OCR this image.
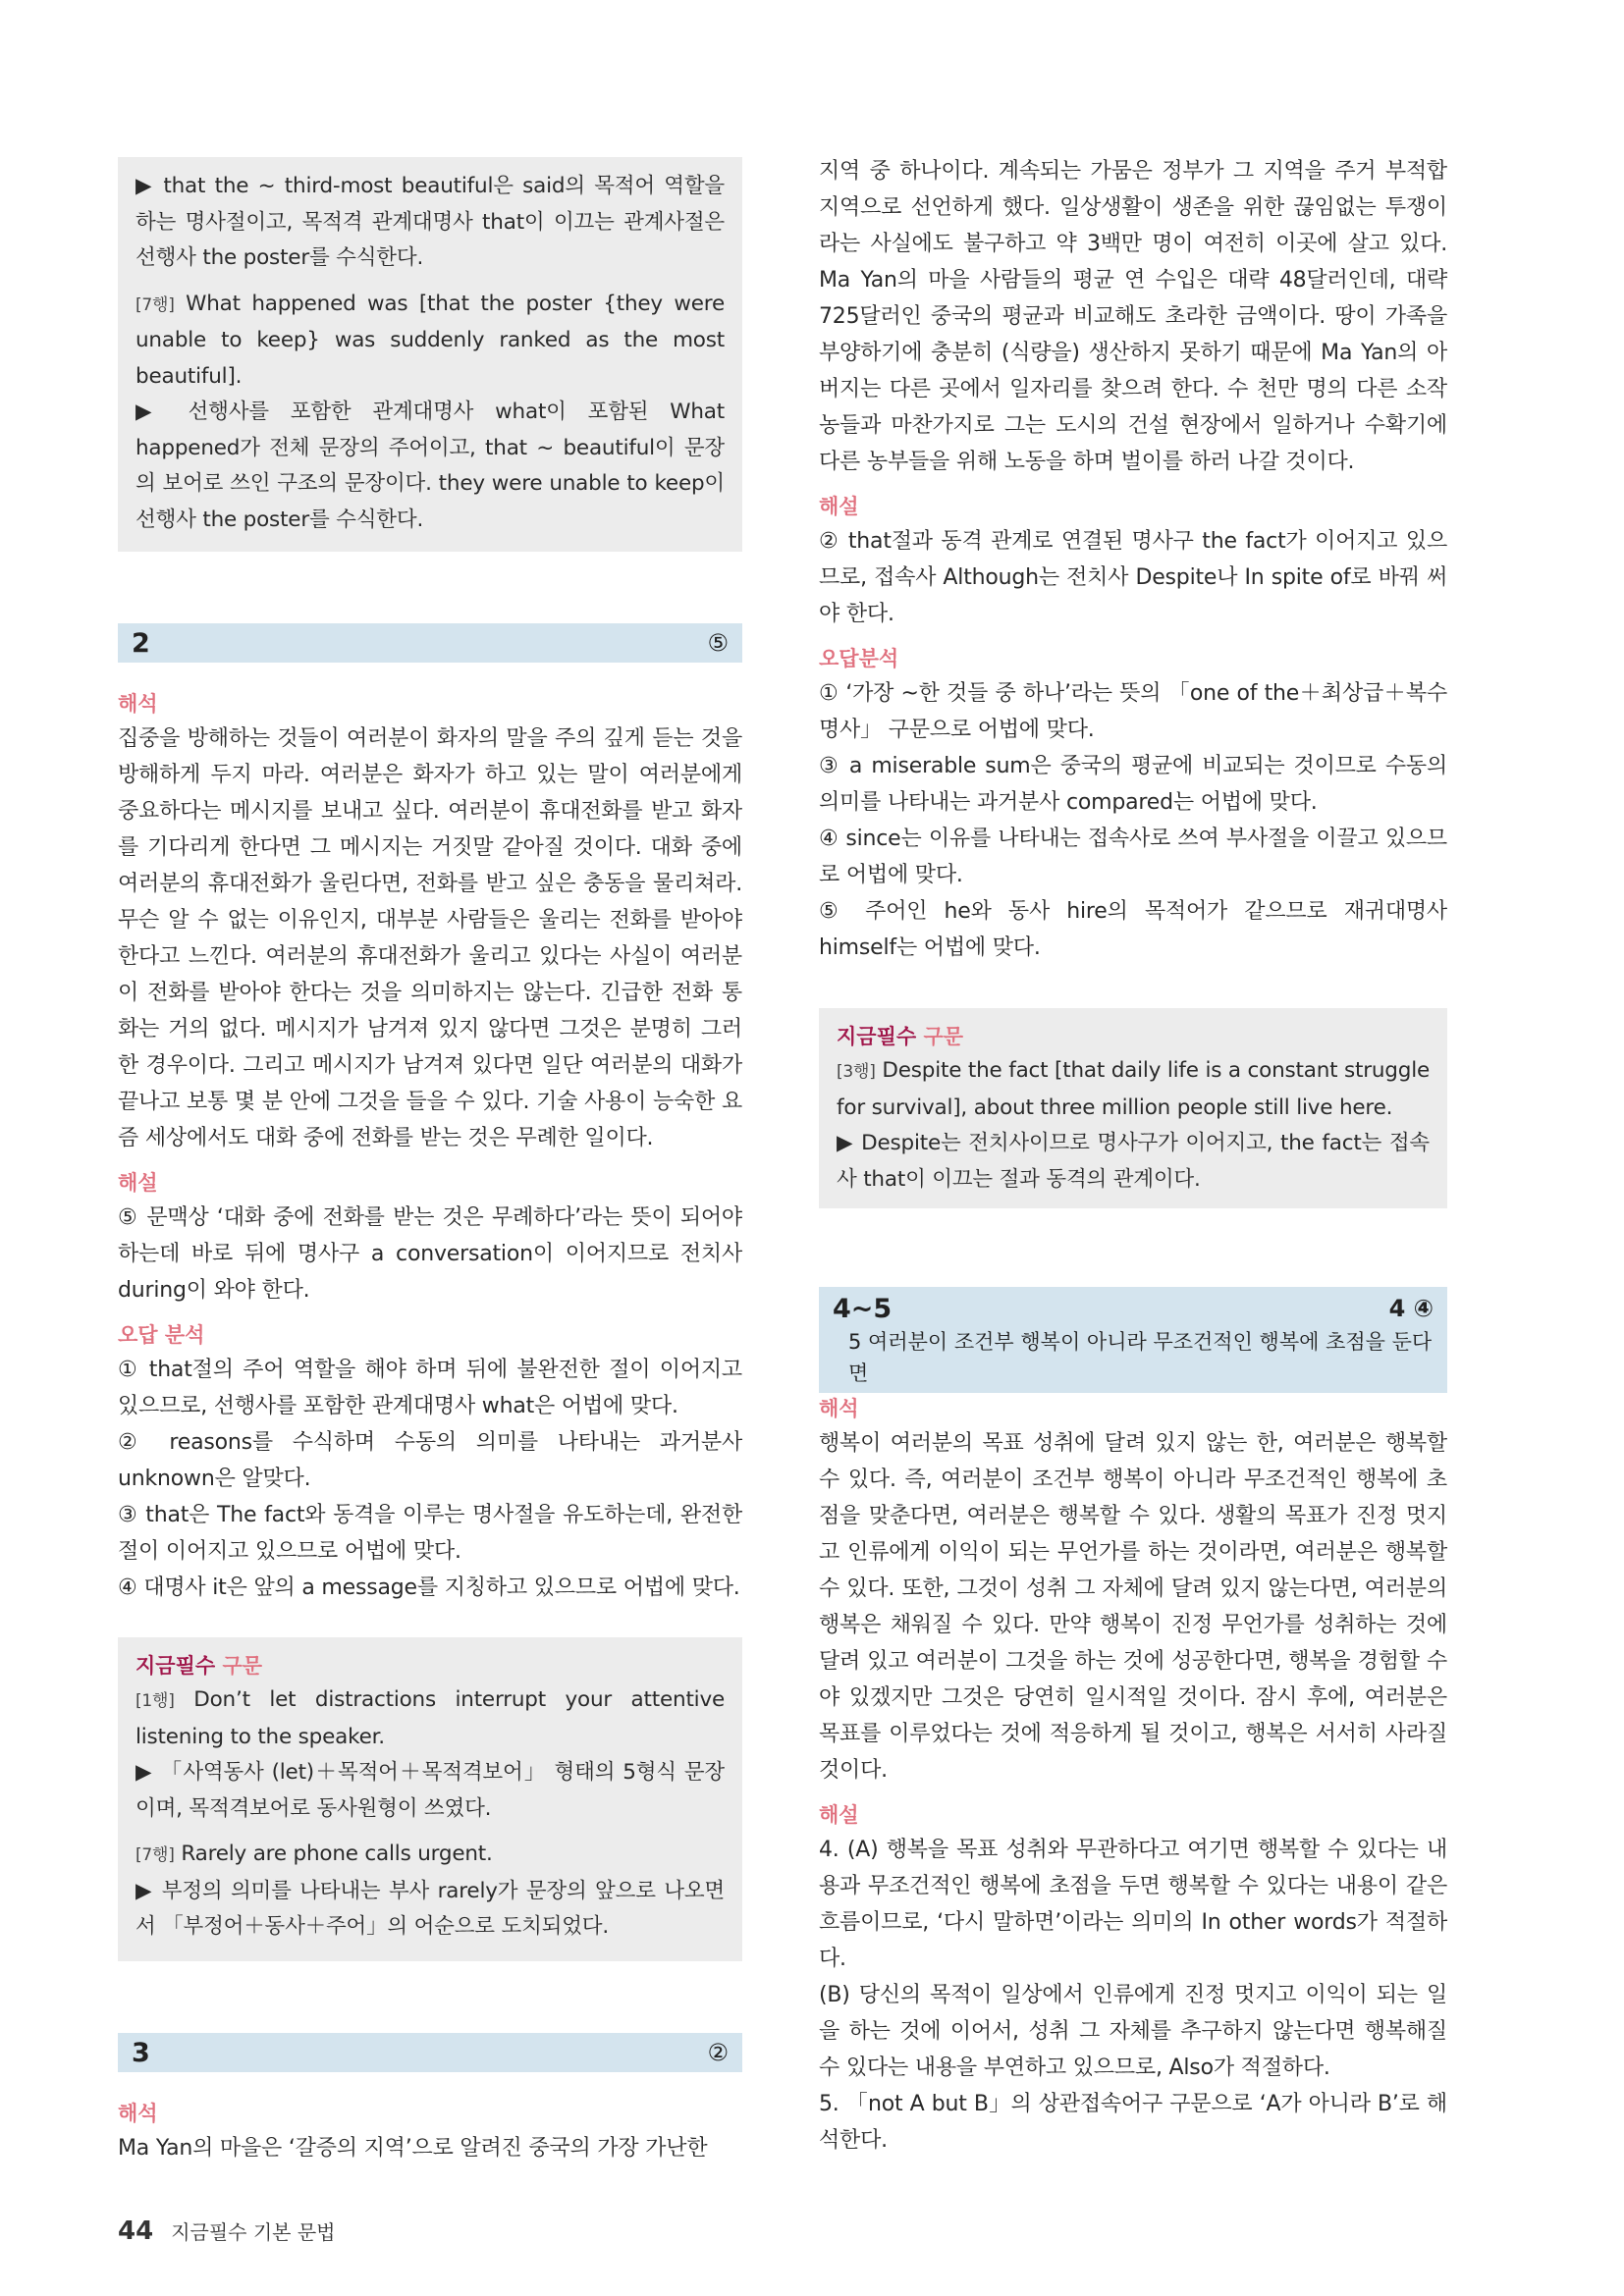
▶ that the ~ third-most beautiful은 said의 목적어 역할을 하는 명사절이고, 목적격 관계대명사 that이 이끄는 관계사절은 선행사 the poster를 수식한다.

[7행] What happened was [that the poster {they were unable to keep} was suddenly ranked as the most beautiful].

▶ 선행사를 포함한 관계대명사 what이 포함된 What happened가 전체 문장의 주어이고, that ~ beautiful이 문장의 보어로 쓰인 구조의 문장이다. they were unable to keep이 선행사 the poster를 수식한다.

2	⑤

해석

집중을 방해하는 것들이 여러분이 화자의 말을 주의 깊게 듣는 것을 방해하게 두지 마라. 여러분은 화자가 하고 있는 말이 여러분에게 중요하다는 메시지를 보내고 싶다. 여러분이 휴대전화를 받고 화자를 기다리게 한다면 그 메시지는 거짓말 같아질 것이다. 대화 중에 여러분의 휴대전화가 울린다면, 전화를 받고 싶은 충동을 물리쳐라. 무슨 알 수 없는 이유인지, 대부분 사람들은 울리는 전화를 받아야 한다고 느낀다. 여러분의 휴대전화가 울리고 있다는 사실이 여러분이 전화를 받아야 한다는 것을 의미하지는 않는다. 긴급한 전화 통화는 거의 없다. 메시지가 남겨져 있지 않다면 그것은 분명히 그러한 경우이다. 그리고 메시지가 남겨져 있다면 일단 여러분의 대화가 끝나고 보통 몇 분 안에 그것을 들을 수 있다. 기술 사용이 능숙한 요즘 세상에서도 대화 중에 전화를 받는 것은 무례한 일이다.

해설

⑤ 문맥상 ‘대화 중에 전화를 받는 것은 무례하다’라는 뜻이 되어야 하는데 바로 뒤에 명사구 a conversation이 이어지므로 전치사 during이 와야 한다.

오답 분석

① that절의 주어 역할을 해야 하며 뒤에 불완전한 절이 이어지고 있으므로, 선행사를 포함한 관계대명사 what은 어법에 맞다.

② reasons를 수식하며 수동의 의미를 나타내는 과거분사 unknown은 알맞다.

③ that은 The fact와 동격을 이루는 명사절을 유도하는데, 완전한 절이 이어지고 있으므로 어법에 맞다.

④ 대명사 it은 앞의 a message를 지칭하고 있으므로 어법에 맞다.

지금필수 구문

[1행] Don’t let distractions interrupt your attentive listening to the speaker.

▶ 「사역동사 (let)＋목적어＋목적격보어」 형태의 5형식 문장이며, 목적격보어로 동사원형이 쓰였다.

[7행] Rarely are phone calls urgent.

▶ 부정의 의미를 나타내는 부사 rarely가 문장의 앞으로 나오면서 「부정어＋동사＋주어」의 어순으로 도치되었다.

3	②

해석

Ma Yan의 마을은 ‘갈증의 지역’으로 알려진 중국의 가장 가난한

지역 중 하나이다. 계속되는 가뭄은 정부가 그 지역을 주거 부적합 지역으로 선언하게 했다. 일상생활이 생존을 위한 끊임없는 투쟁이라는 사실에도 불구하고 약 3백만 명이 여전히 이곳에 살고 있다. Ma Yan의 마을 사람들의 평균 연 수입은 대략 48달러인데, 대략 725달러인 중국의 평균과 비교해도 초라한 금액이다. 땅이 가족을 부양하기에 충분히 (식량을) 생산하지 못하기 때문에 Ma Yan의 아버지는 다른 곳에서 일자리를 찾으려 한다. 수 천만 명의 다른 소작농들과 마찬가지로 그는 도시의 건설 현장에서 일하거나 수확기에 다른 농부들을 위해 노동을 하며 벌이를 하러 나갈 것이다.

해설

② that절과 동격 관계로 연결된 명사구 the fact가 이어지고 있으므로, 접속사 Although는 전치사 Despite나 In spite of로 바꿔 써야 한다.

오답분석

① ‘가장 ~한 것들 중 하나’라는 뜻의 「one of the＋최상급＋복수명사」 구문으로 어법에 맞다.

③ a miserable sum은 중국의 평균에 비교되는 것이므로 수동의 의미를 나타내는 과거분사 compared는 어법에 맞다.

④ since는 이유를 나타내는 접속사로 쓰여 부사절을 이끌고 있으므로 어법에 맞다.

⑤ 주어인 he와 동사 hire의 목적어가 같으므로 재귀대명사 himself는 어법에 맞다.

지금필수 구문

[3행] Despite the fact [that daily life is a constant struggle for survival], about three million people still live here.

▶ Despite는 전치사이므로 명사구가 이어지고, the fact는 접속사 that이 이끄는 절과 동격의 관계이다.

4~5	4 ④
5 여러분이 조건부 행복이 아니라 무조건적인 행복에 초점을 둔다면

해석

행복이 여러분의 목표 성취에 달려 있지 않는 한, 여러분은 행복할 수 있다. 즉, 여러분이 조건부 행복이 아니라 무조건적인 행복에 초점을 맞춘다면, 여러분은 행복할 수 있다. 생활의 목표가 진정 멋지고 인류에게 이익이 되는 무언가를 하는 것이라면, 여러분은 행복할 수 있다. 또한, 그것이 성취 그 자체에 달려 있지 않는다면, 여러분의 행복은 채워질 수 있다. 만약 행복이 진정 무언가를 성취하는 것에 달려 있고 여러분이 그것을 하는 것에 성공한다면, 행복을 경험할 수야 있겠지만 그것은 당연히 일시적일 것이다. 잠시 후에, 여러분은 목표를 이루었다는 것에 적응하게 될 것이고, 행복은 서서히 사라질 것이다.

해설

4. (A) 행복을 목표 성취와 무관하다고 여기면 행복할 수 있다는 내용과 무조건적인 행복에 초점을 두면 행복할 수 있다는 내용이 같은 흐름이므로, ‘다시 말하면’이라는 의미의 In other words가 적절하다.

(B) 당신의 목적이 일상에서 인류에게 진정 멋지고 이익이 되는 일을 하는 것에 이어서, 성취 그 자체를 추구하지 않는다면 행복해질 수 있다는 내용을 부연하고 있으므로, Also가 적절하다.

5. 「not A but B」의 상관접속어구 구문으로 ‘A가 아니라 B’로 해석한다.

44 지금필수 기본 문법
